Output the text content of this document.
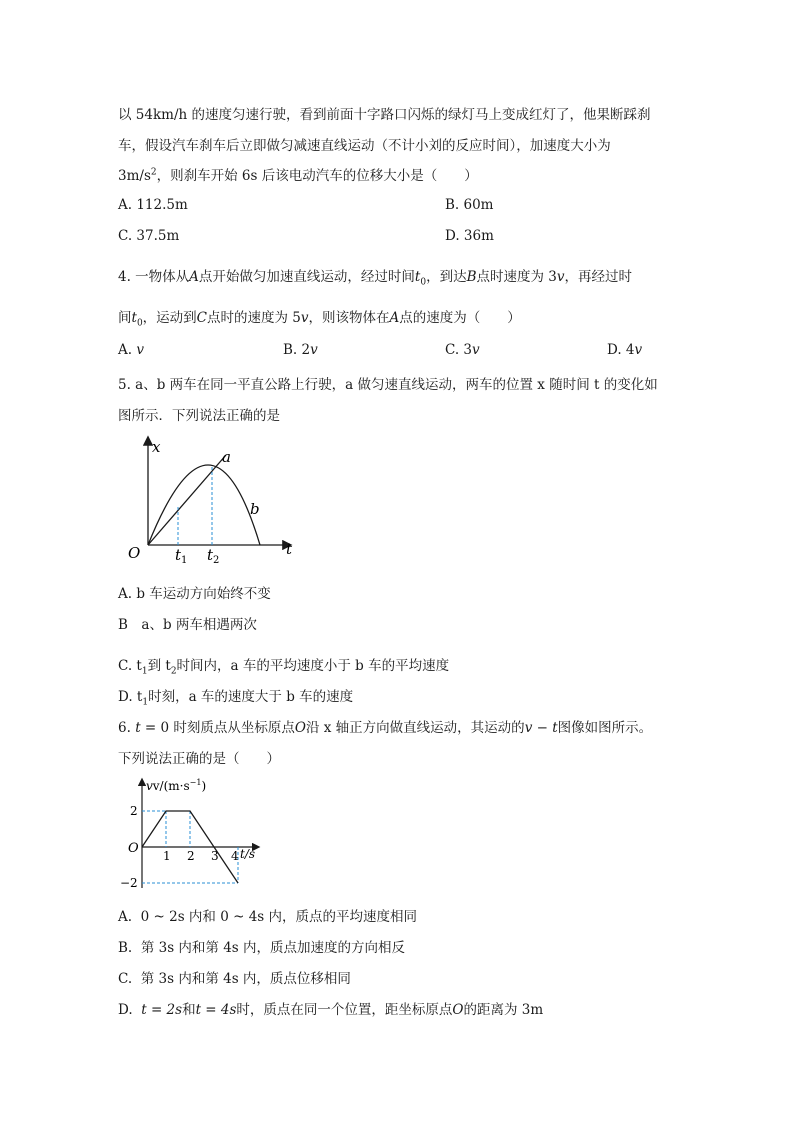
以 54km/h 的速度匀速行驶，看到前面十字路口闪烁的绿灯马上变成红灯了，他果断踩刹
车，假设汽车刹车后立即做匀减速直线运动（不计小刘的反应时间），加速度大小为
$3m/s^2$，则刹车开始 6s 后该电动汽车的位移大小是（　　）
A. 112.5m	B. 60m
C. 37.5m	D. 36m
4. 一物体从A点开始做匀加速直线运动，经过时间$t_0$，到达B点时速度为 3v，再经过时
间$t_0$，运动到C点时的速度为 5v，则该物体在A点的速度为（　　）
A. v	B. 2v	C. 3v	D. 4v
5. a、b 两车在同一平直公路上行驶，a 做匀速直线运动，两车的位置 x 随时间 t 的变化如
图所示．下列说法正确的是
x
t
O
a
b
$t_1$ $t_2$
A. b 车运动方向始终不变
B　a、b 两车相遇两次
C. $t_1$到 $t_2$时间内，a 车的平均速度小于 b 车的平均速度
D. $t_1$时刻，a 车的速度大于 b 车的速度
6. t = 0 时刻质点从坐标原点O沿 x 轴正方向做直线运动，其运动的v − t图像如图所示。
下列说法正确的是（　　）
$vv/(m\cdot s^{-1})$
t/s
O 1 2 3 4
2
−2
A. 0 ~ 2s 内和 0 ~ 4s 内，质点的平均速度相同
B. 第 3s 内和第 4s 内，质点加速度的方向相反
C. 第 3s 内和第 4s 内，质点位移相同
D. t = 2s和t = 4s时，质点在同一个位置，距坐标原点O的距离为 3m
